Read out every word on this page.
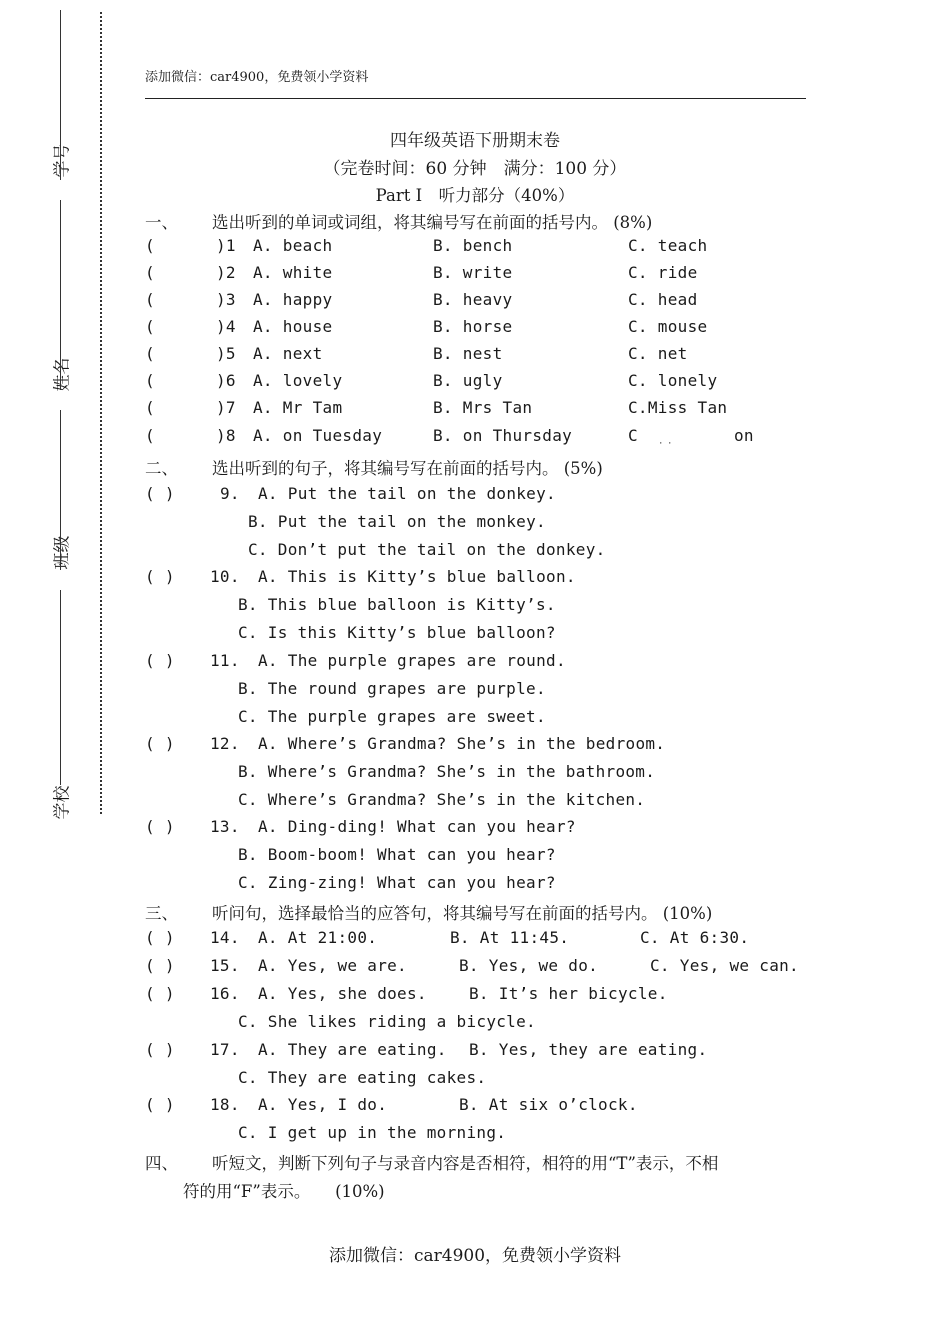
学号
姓名
班级
学校
添加微信：car4900，免费领小学资料
四年级英语下册期末卷
（完卷时间：60 分钟　满分：100 分）
Part I　听力部分（40%）
一、 选出听到的单词或词组，将其编号写在前面的括号内。 (8%)
(	)1 A. beach	B. bench	C. teach
(	)2 A. white	B. write	C. ride
(	)3 A. happy	B. heavy	C. head
(	)4 A. house	B. horse	C. mouse
(	)5 A. next	B. nest	C. net
(	)6 A. lovely	B. ugly	C. lonely
(	)7 A. Mr Tam	B. Mrs Tan	C.Miss Tan
(	)8 A. on Tuesday	B. on Thursday	C	on
˙ ˙
二、 选出听到的句子，将其编号写在前面的括号内。 (5%)
( )	9. A. Put the tail on the donkey.
B. Put the tail on the monkey.
C. Don’t put the tail on the donkey.
( ) 10. A. This is Kitty’s blue balloon.
B. This blue balloon is Kitty’s.
C. Is this Kitty’s blue balloon?
( ) 11. A. The purple grapes are round.
B. The round grapes are purple.
C. The purple grapes are sweet.
( ) 12. A. Where’s Grandma? She’s in the bedroom.
B. Where’s Grandma? She’s in the bathroom.
C. Where’s Grandma? She’s in the kitchen.
( ) 13. A. Ding-ding! What can you hear?
B. Boom-boom! What can you hear?
C. Zing-zing! What can you hear?
三、 听问句，选择最恰当的应答句，将其编号写在前面的括号内。 (10%)
( ) 14. A. At 21:00.	B. At 11:45.	C. At 6:30.
( ) 15. A. Yes, we are.	B. Yes, we do.	C. Yes, we can.
( ) 16. A. Yes, she does.	B. It’s her bicycle.
C. She likes riding a bicycle.
( ) 17. A. They are eating. B. Yes, they are eating.
C. They are eating cakes.
( ) 18. A. Yes, I do.	B. At six o’clock.
C. I get up in the morning.
四、 听短文，判断下列句子与录音内容是否相符，相符的用“T”表示，不相
符的用“F”表示。　　(10%)
添加微信：car4900，免费领小学资料
